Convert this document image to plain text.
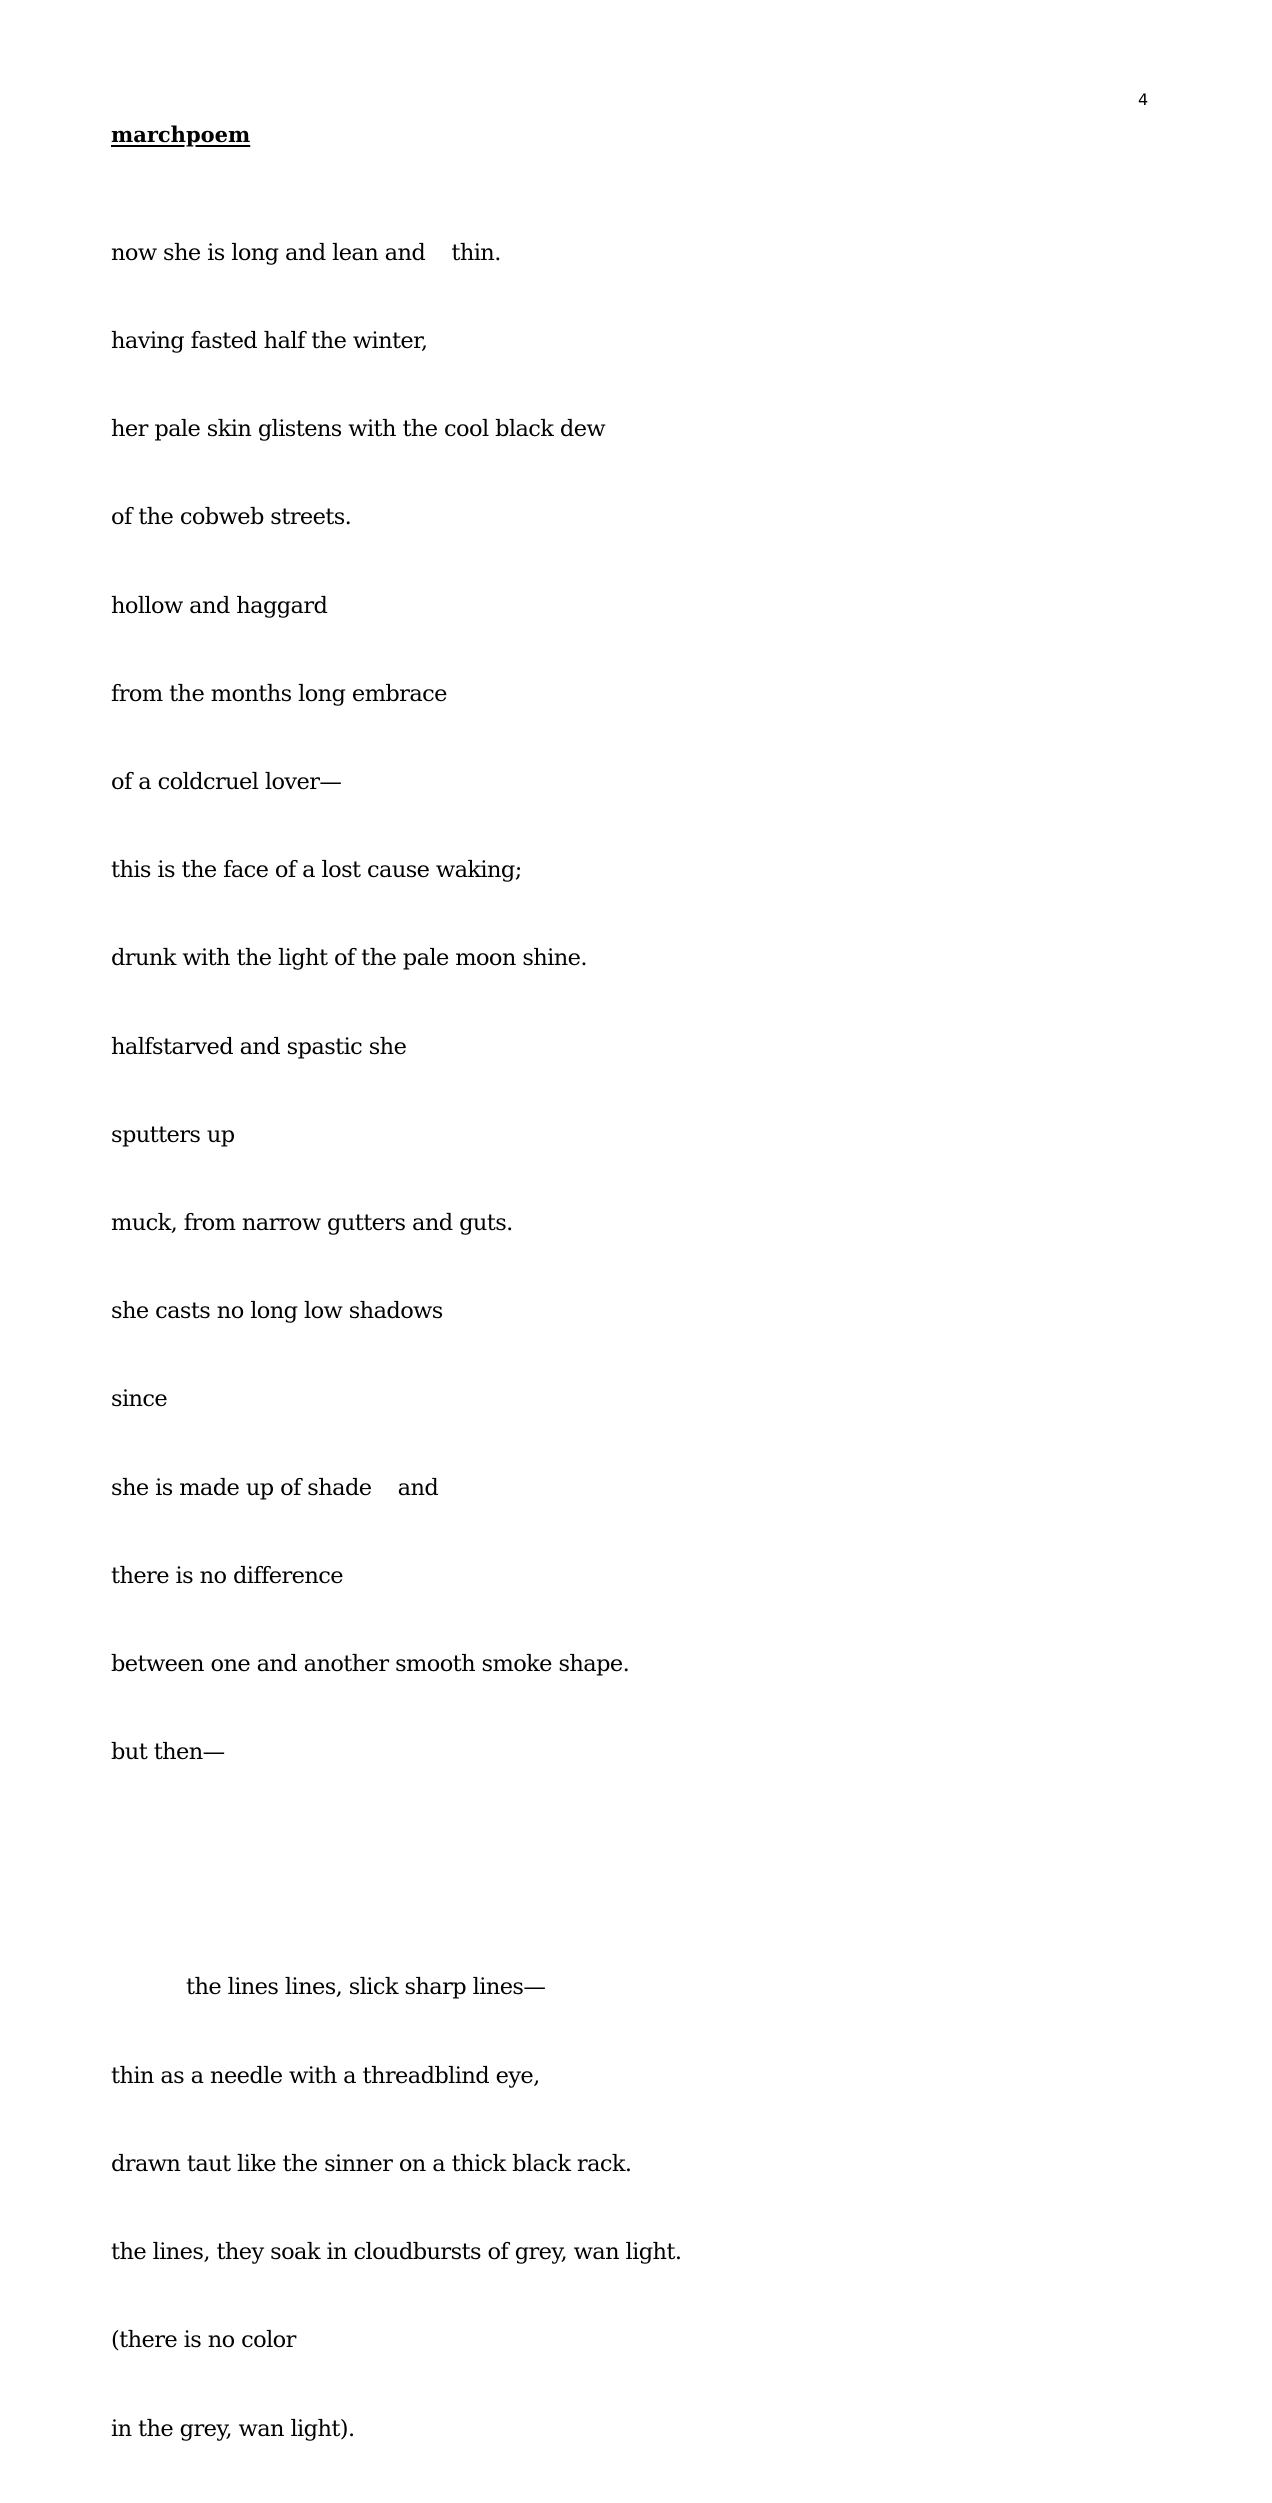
4
marchpoem

now she is long and lean and    thin.

having fasted half the winter,

her pale skin glistens with the cool black dew

of the cobweb streets.

hollow and haggard

from the months long embrace

of a coldcruel lover—

this is the face of a lost cause waking;

drunk with the light of the pale moon shine.

halfstarved and spastic she

sputters up

muck, from narrow gutters and guts.

she casts no long low shadows

since

she is made up of shade    and

there is no difference

between one and another smooth smoke shape.

but then—

the lines lines, slick sharp lines—

thin as a needle with a threadblind eye,

drawn taut like the sinner on a thick black rack.

the lines, they soak in cloudbursts of grey, wan light.

(there is no color

in the grey, wan light).
